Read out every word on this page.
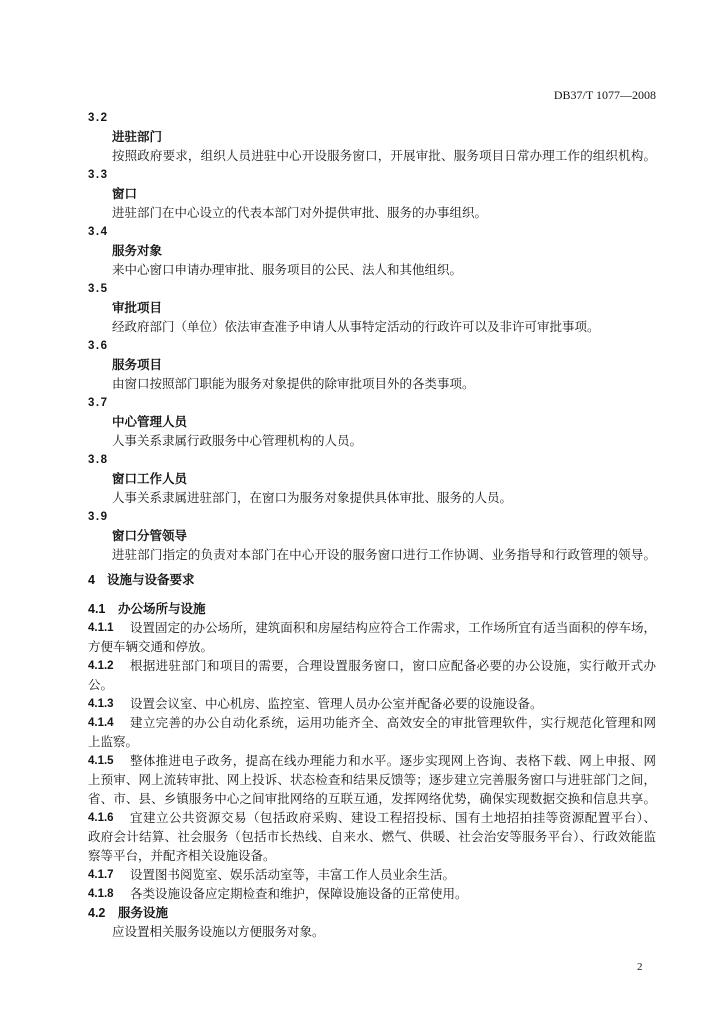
DB37/T 1077—2008
3.2
进驻部门
按照政府要求，组织人员进驻中心开设服务窗口，开展审批、服务项目日常办理工作的组织机构。
3.3
窗口
进驻部门在中心设立的代表本部门对外提供审批、服务的办事组织。
3.4
服务对象
来中心窗口申请办理审批、服务项目的公民、法人和其他组织。
3.5
审批项目
经政府部门（单位）依法审查准予申请人从事特定活动的行政许可以及非许可审批事项。
3.6
服务项目
由窗口按照部门职能为服务对象提供的除审批项目外的各类事项。
3.7
中心管理人员
人事关系隶属行政服务中心管理机构的人员。
3.8
窗口工作人员
人事关系隶属进驻部门，在窗口为服务对象提供具体审批、服务的人员。
3.9
窗口分管领导
进驻部门指定的负责对本部门在中心开设的服务窗口进行工作协调、业务指导和行政管理的领导。
4 设施与设备要求
4.1	办公场所与设施
4.1.1	设置固定的办公场所，建筑面积和房屋结构应符合工作需求，工作场所宜有适当面积的停车场，
方便车辆交通和停放。
4.1.2	根据进驻部门和项目的需要，合理设置服务窗口，窗口应配备必要的办公设施，实行敞开式办
公。
4.1.3	设置会议室、中心机房、监控室、管理人员办公室并配备必要的设施设备。
4.1.4	建立完善的办公自动化系统，运用功能齐全、高效安全的审批管理软件，实行规范化管理和网
上监察。
4.1.5	整体推进电子政务，提高在线办理能力和水平。逐步实现网上咨询、表格下载、网上申报、网
上预审、网上流转审批、网上投诉、状态检查和结果反馈等；逐步建立完善服务窗口与进驻部门之间，
省、市、县、乡镇服务中心之间审批网络的互联互通，发挥网络优势，确保实现数据交换和信息共享。
4.1.6	宜建立公共资源交易（包括政府采购、建设工程招投标、国有土地招拍挂等资源配置平台）、
政府会计结算、社会服务（包括市长热线、自来水、燃气、供暖、社会治安等服务平台）、行政效能监
察等平台，并配齐相关设施设备。
4.1.7	设置图书阅览室、娱乐活动室等，丰富工作人员业余生活。
4.1.8	各类设施设备应定期检查和维护，保障设施设备的正常使用。
4.2	服务设施
应设置相关服务设施以方便服务对象。
2
